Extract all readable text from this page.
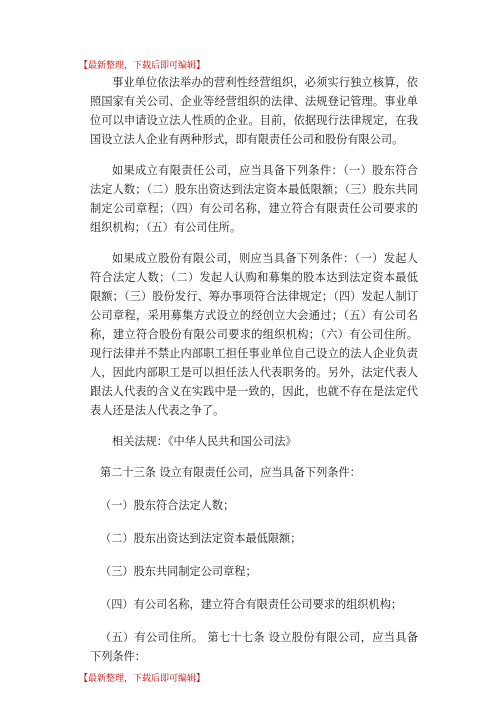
【最新整理，下载后即可编辑】

事业单位依法举办的营利性经营组织，必须实行独立核算，依照国家有关公司、企业等经营组织的法律、法规登记管理。事业单位可以申请设立法人性质的企业。目前，依据现行法律规定，在我国设立法人企业有两种形式，即有限责任公司和股份有限公司。

如果成立有限责任公司，应当具备下列条件：（一）股东符合法定人数；（二）股东出资达到法定资本最低限额；（三）股东共同制定公司章程；（四）有公司名称，建立符合有限责任公司要求的组织机构；（五）有公司住所。

如果成立股份有限公司，则应当具备下列条件：（一）发起人符合法定人数；（二）发起人认购和募集的股本达到法定资本最低限额；（三）股份发行、筹办事项符合法律规定；（四）发起人制订公司章程，采用募集方式设立的经创立大会通过；（五）有公司名称，建立符合股份有限公司要求的组织机构；（六）有公司住所。 现行法律并不禁止内部职工担任事业单位自己设立的法人企业负责人，因此内部职工是可以担任法人代表职务的。另外，法定代表人跟法人代表的含义在实践中是一致的，因此，也就不存在是法定代表人还是法人代表之争了。

相关法规：《中华人民共和国公司法》

第二十三条 设立有限责任公司，应当具备下列条件：

（一）股东符合法定人数；

（二）股东出资达到法定资本最低限额；

（三）股东共同制定公司章程；

（四）有公司名称，建立符合有限责任公司要求的组织机构；

（五）有公司住所。 第七十七条 设立股份有限公司，应当具备下列条件：

【最新整理，下载后即可编辑】
